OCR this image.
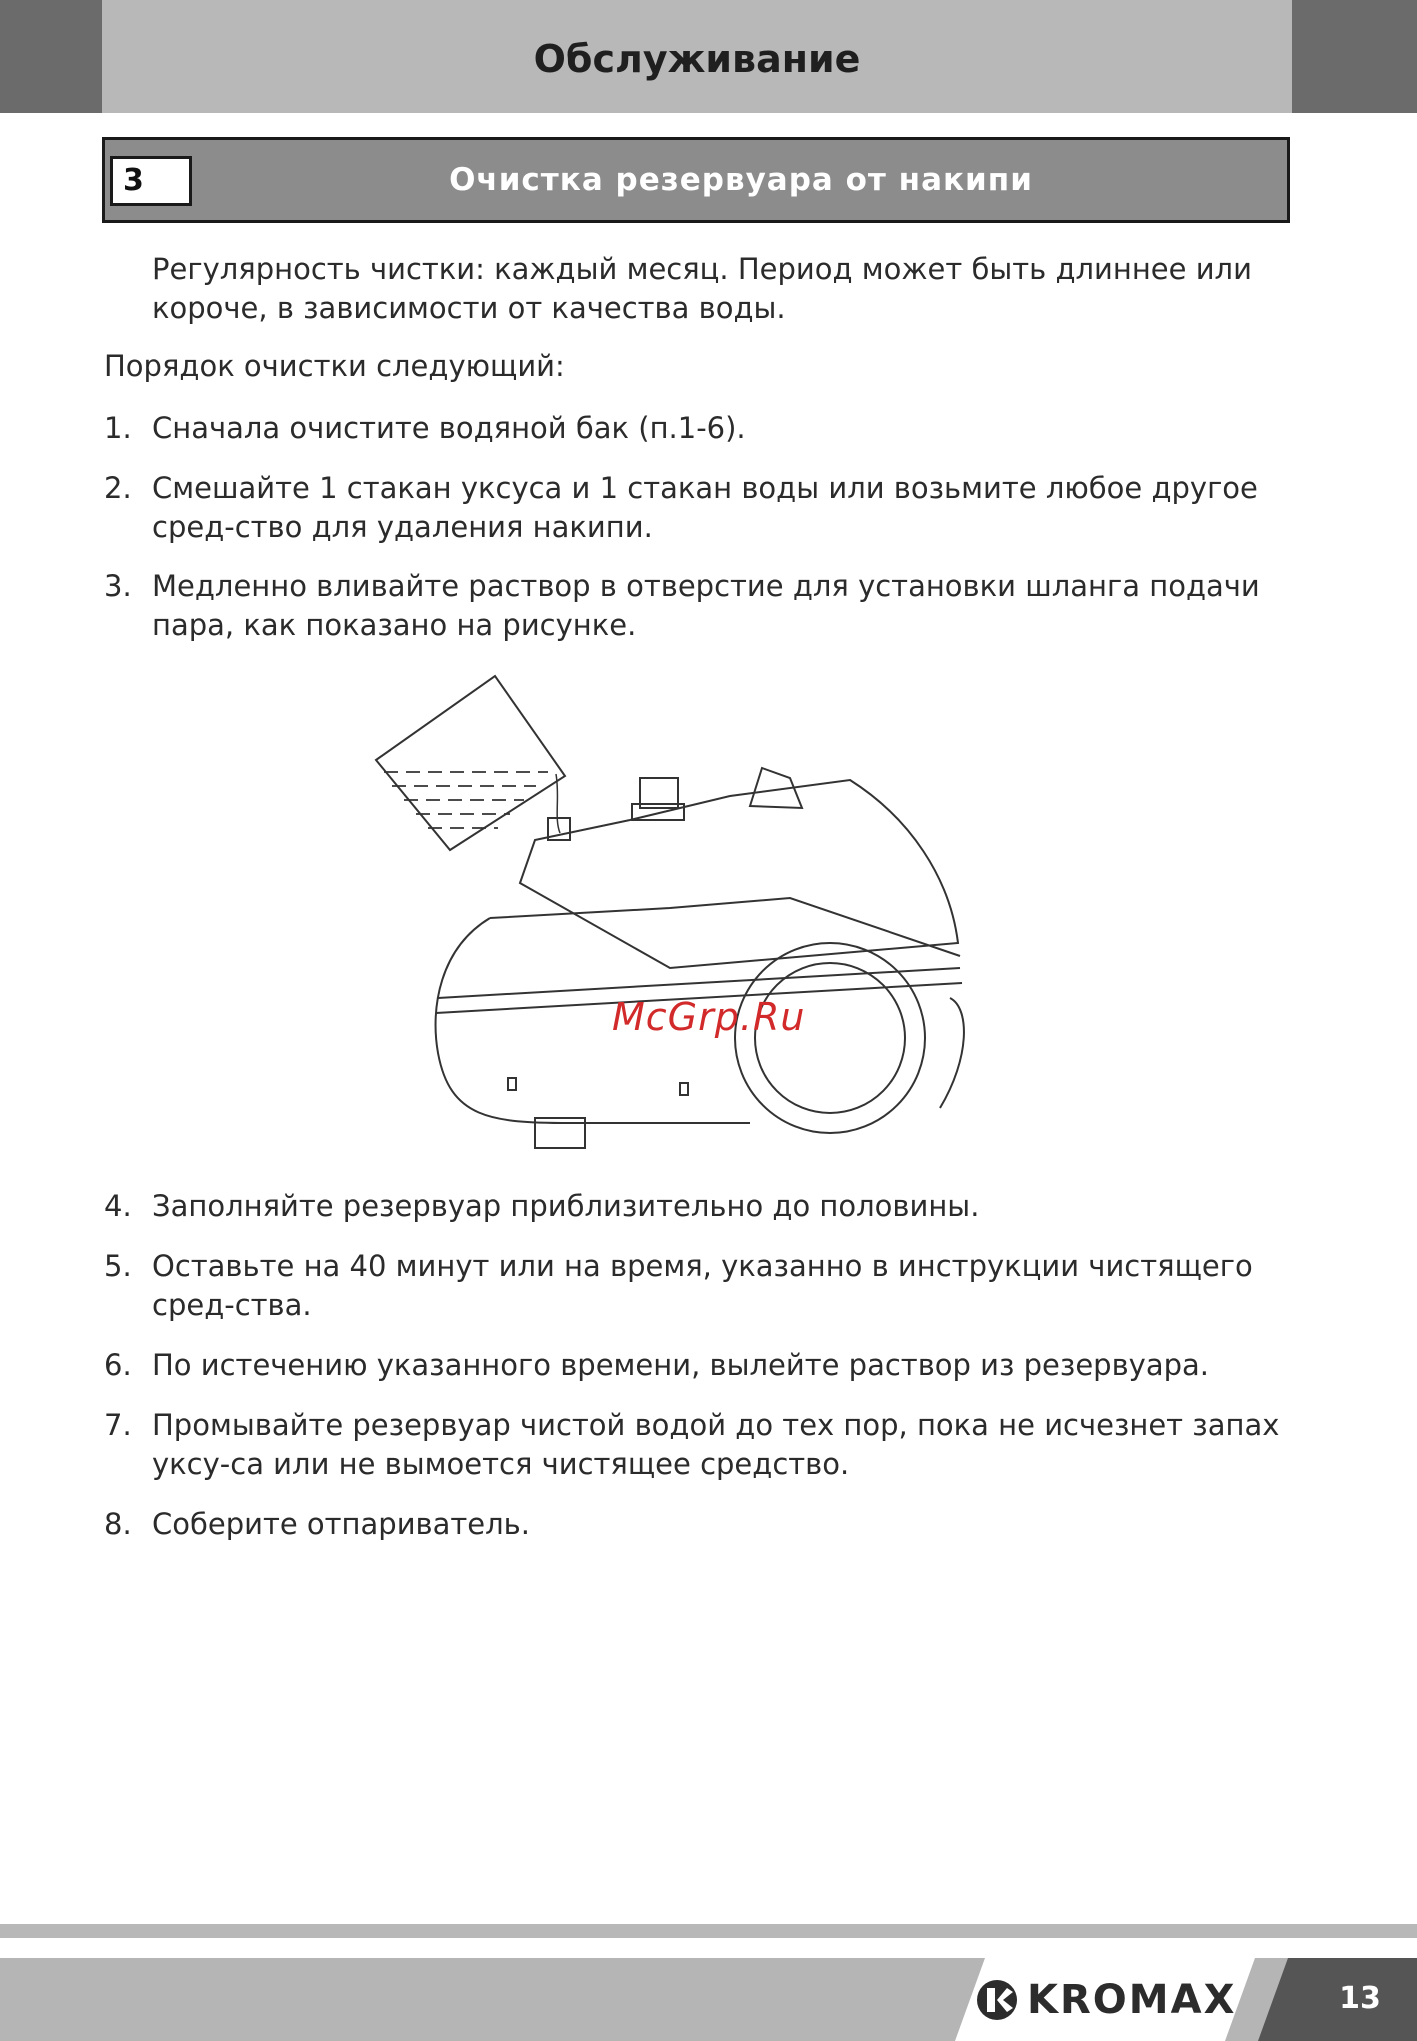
Обслуживание
3	Очистка резервуара от накипи
Регулярность чистки: каждый месяц. Период может быть длиннее или короче, в зависимости от качества воды.
Порядок очистки следующий:
1. Сначала очистите водяной бак (п.1-6).
2. Смешайте 1 стакан уксуса и 1 стакан воды или возьмите любое другое сред-ство для удаления накипи.
3. Медленно вливайте раствор в отверстие для установки шланга подачи пара, как показано на рисунке.
McGrp.Ru
4. Заполняйте резервуар приблизительно до половины.
5. Оставьте на 40 минут или на время, указанно в инструкции чистящего сред-ства.
6. По истечению указанного времени, вылейте раствор из резервуара.
7. Промывайте резервуар чистой водой до тех пор, пока не исчезнет запах уксу-са или не вымоется чистящее средство.
8. Соберите отпариватель.
KROMAX	13
